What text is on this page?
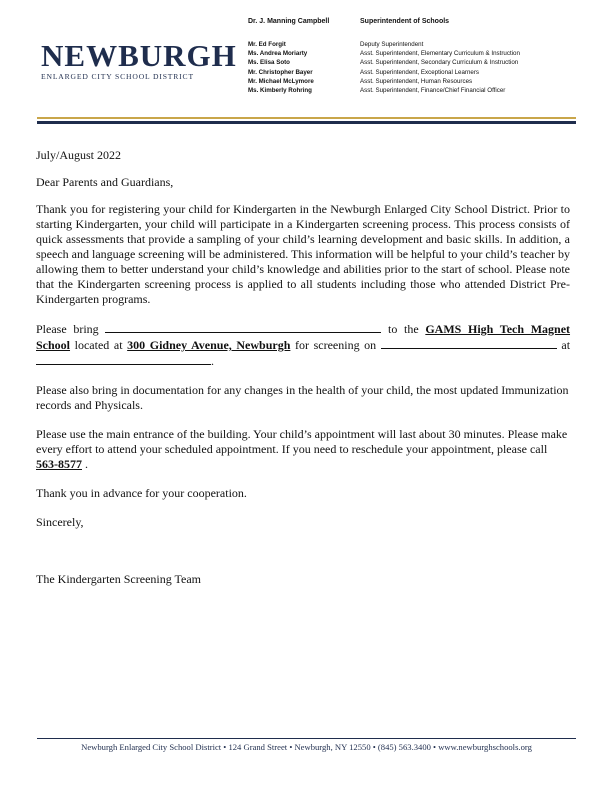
NEWBURGH
ENLARGED CITY SCHOOL DISTRICT
Dr. J. Manning Campbell	Superintendent of Schools
Mr. Ed Forgit	Deputy Superintendent
Ms. Andrea Moriarty	Asst. Superintendent, Elementary Curriculum & Instruction
Ms. Elisa Soto	Asst. Superintendent, Secondary Curriculum & Instruction
Mr. Christopher Bayer	Asst. Superintendent, Exceptional Learners
Mr. Michael McLymore	Asst. Superintendent, Human Resources
Ms. Kimberly Rohring	Asst. Superintendent, Finance/Chief Financial Officer

July/August 2022

Dear Parents and Guardians,

Thank you for registering your child for Kindergarten in the Newburgh Enlarged City School District. Prior to starting Kindergarten, your child will participate in a Kindergarten screening process. This process consists of quick assessments that provide a sampling of your child’s learning development and basic skills. In addition, a speech and language screening will be administered. This information will be helpful to your child’s teacher by allowing them to better understand your child’s knowledge and abilities prior to the start of school. Please note that the Kindergarten screening process is applied to all students including those who attended District Pre-Kindergarten programs.

Please bring	to the GAMS High Tech Magnet School located at 300 Gidney Avenue, Newburgh for screening on	at .

Please also bring in documentation for any changes in the health of your child, the most updated Immunization records and Physicals.

Please use the main entrance of the building. Your child’s appointment will last about 30 minutes. Please make every effort to attend your scheduled appointment. If you need to reschedule your appointment, please call 563-8577 .

Thank you in advance for your cooperation.

Sincerely,

The Kindergarten Screening Team

Newburgh Enlarged City School District • 124 Grand Street • Newburgh, NY 12550 • (845) 563.3400 • www.newburghschools.org
